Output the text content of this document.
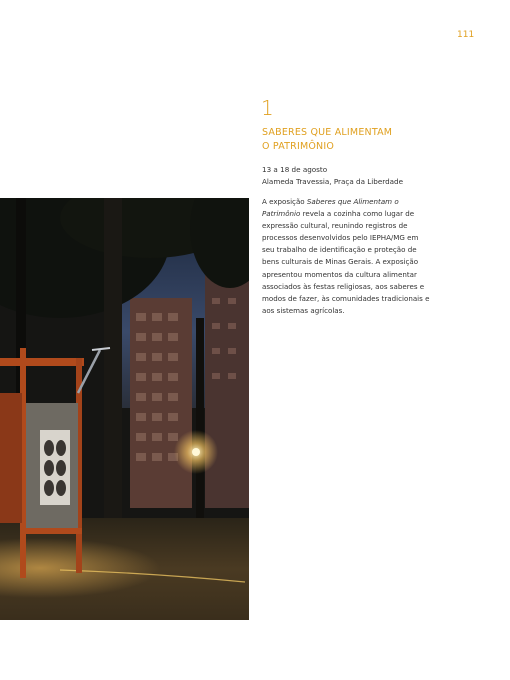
111
1
SABERES QUE ALIMENTAM
O PATRIMÔNIO
13 a 18 de agosto
Alameda Travessia, Praça da Liberdade
A exposição Saberes que Alimentam o Patrimônio revela a cozinha como lugar de expressão cultural, reunindo registros de processos desenvolvidos pelo IEPHA/MG em seu trabalho de identificação e proteção de bens culturais de Minas Gerais. A exposição apresentou momentos da cultura alimentar associados às festas religiosas, aos saberes e modos de fazer, às comunidades tradicionais e aos sistemas agrícolas.
